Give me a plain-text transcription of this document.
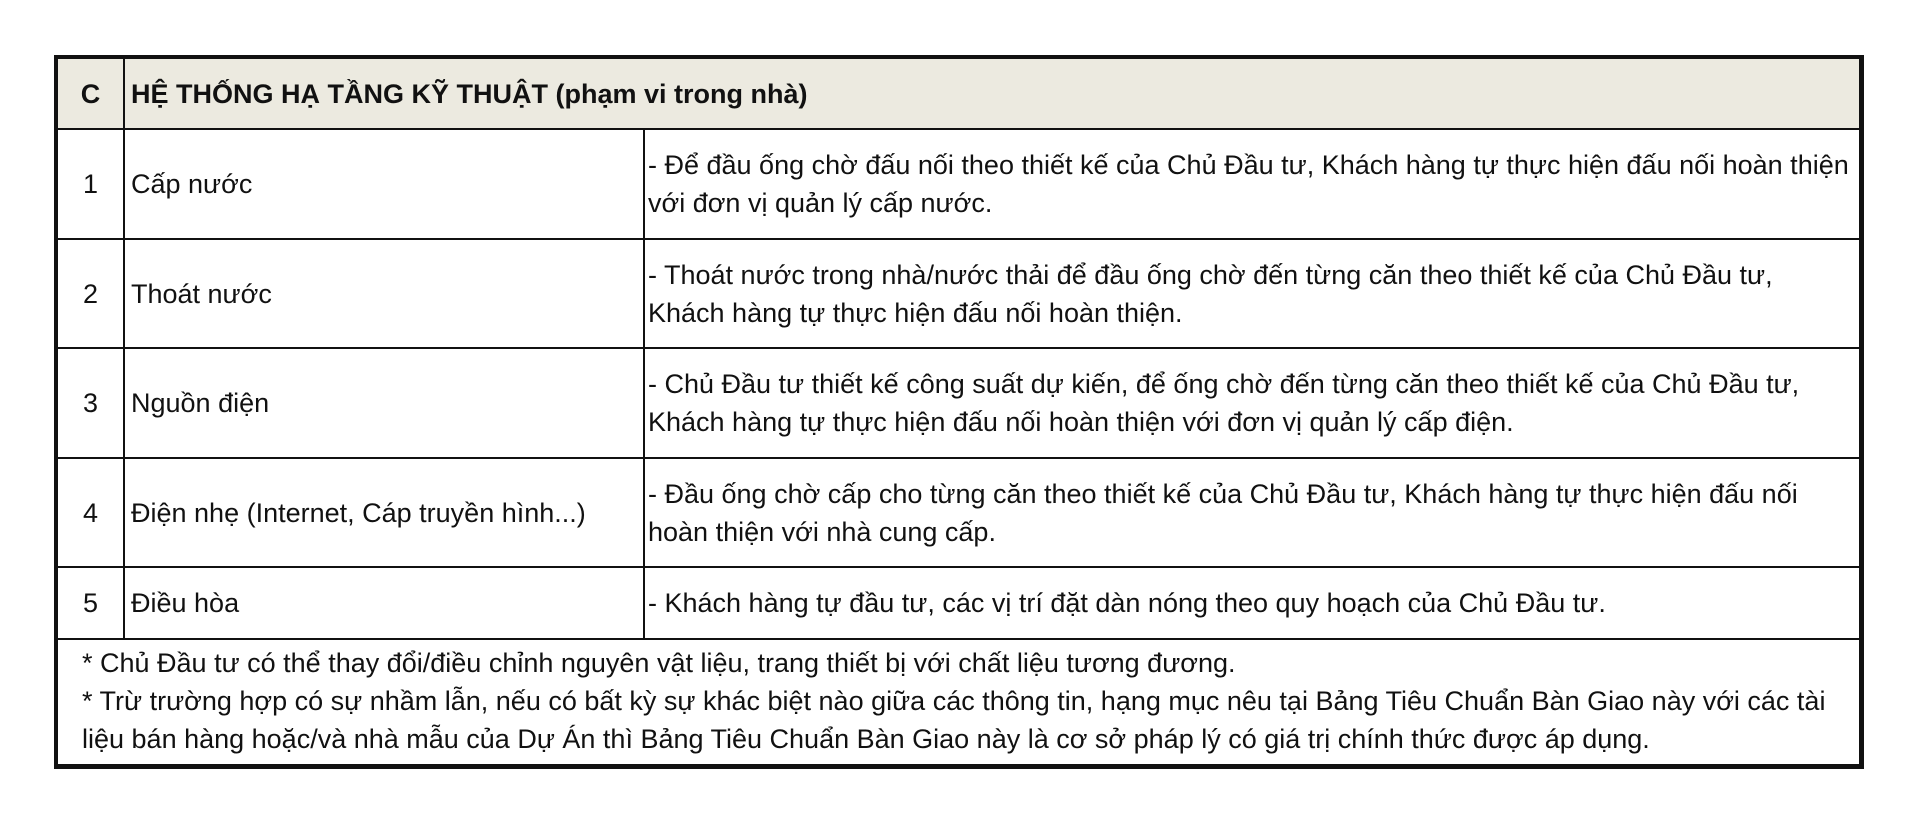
C	HỆ THỐNG HẠ TẦNG KỸ THUẬT (phạm vi trong nhà)	
1	Cấp nước	- Để đầu ống chờ đấu nối theo thiết kế của Chủ Đầu tư, Khách hàng tự thực hiện đấu nối hoàn thiện với đơn vị quản lý cấp nước.
2	Thoát nước	- Thoát nước trong nhà/nước thải để đầu ống chờ đến từng căn theo thiết kế của Chủ Đầu tư, Khách hàng tự thực hiện đấu nối hoàn thiện.
3	Nguồn điện	- Chủ Đầu tư thiết kế công suất dự kiến, để ống chờ đến từng căn theo thiết kế của Chủ Đầu tư, Khách hàng tự thực hiện đấu nối hoàn thiện với đơn vị quản lý cấp điện.
4	Điện nhẹ (Internet, Cáp truyền hình...)	- Đầu ống chờ cấp cho từng căn theo thiết kế của Chủ Đầu tư, Khách hàng tự thực hiện đấu nối hoàn thiện với nhà cung cấp.
5	Điều hòa	- Khách hàng tự đầu tư, các vị trí đặt dàn nóng theo quy hoạch của Chủ Đầu tư.

* Chủ Đầu tư có thể thay đổi/điều chỉnh nguyên vật liệu, trang thiết bị với chất liệu tương đương.
* Trừ trường hợp có sự nhầm lẫn, nếu có bất kỳ sự khác biệt nào giữa các thông tin, hạng mục nêu tại Bảng Tiêu Chuẩn Bàn Giao này với các tài liệu bán hàng hoặc/và nhà mẫu của Dự Án thì Bảng Tiêu Chuẩn Bàn Giao này là cơ sở pháp lý có giá trị chính thức được áp dụng.		
